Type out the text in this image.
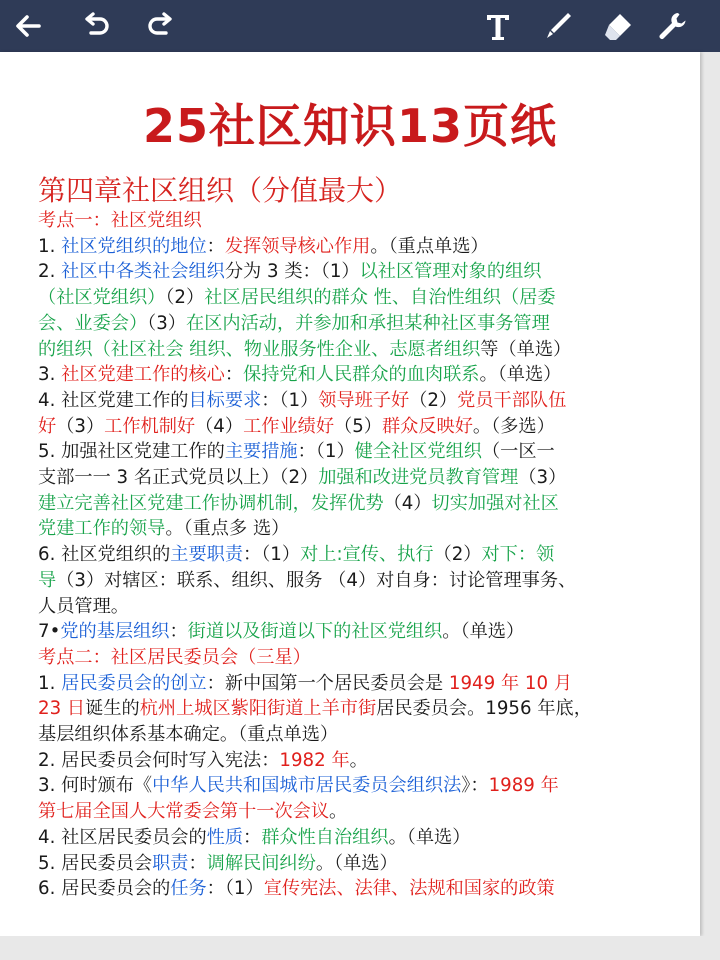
25社区知识13页纸

第四章社区组织（分值最大）

考点一：社区党组织

1. 社区党组织的地位：发挥领导核心作用。（重点单选）

2. 社区中各类社会组织分为 3 类：（1）以社区管理对象的组织

（社区党组织）（2）社区居民组织的群众 性、自治性组织（居委

会、业委会）（3）在区内活动，并参加和承担某种社区事务管理

的组织（社区社会 组织、物业服务性企业、志愿者组织等（单选）

3. 社区党建工作的核心：保持党和人民群众的血肉联系。（单选）

4. 社区党建工作的目标要求：（1）领导班子好（2）党员干部队伍

好（3）工作机制好（4）工作业绩好（5）群众反映好。（多选）

5. 加强社区党建工作的主要措施：（1）健全社区党组织（一区一

支部一一 3 名正式党员以上）（2）加强和改进党员教育管理（3）

建立完善社区党建工作协调机制，发挥优势（4）切实加强对社区

党建工作的领导。（重点多 选）

6. 社区党组织的主要职责：（1）对上:宣传、执行（2）对下：领

导（3）对辖区：联系、组织、服务 （4）对自身：讨论管理事务、

人员管理。

7•党的基层组织：街道以及街道以下的社区党组织。（单选）

考点二：社区居民委员会（三星）

1. 居民委员会的创立：新中国第一个居民委员会是 1949 年 10 月

23 日诞生的杭州上城区紫阳街道上羊市街居民委员会。1956 年底，

基层组织体系基本确定。（重点单选）

2. 居民委员会何时写入宪法：1982 年。

3. 何时颁布《中华人民共和国城市居民委员会组织法》：1989 年

第七届全国人大常委会第十一次会议。

4. 社区居民委员会的性质：群众性自治组织。（单选）

5. 居民委员会职责：调解民间纠纷。（单选）

6. 居民委员会的任务：（1）宣传宪法、法律、法规和国家的政策
